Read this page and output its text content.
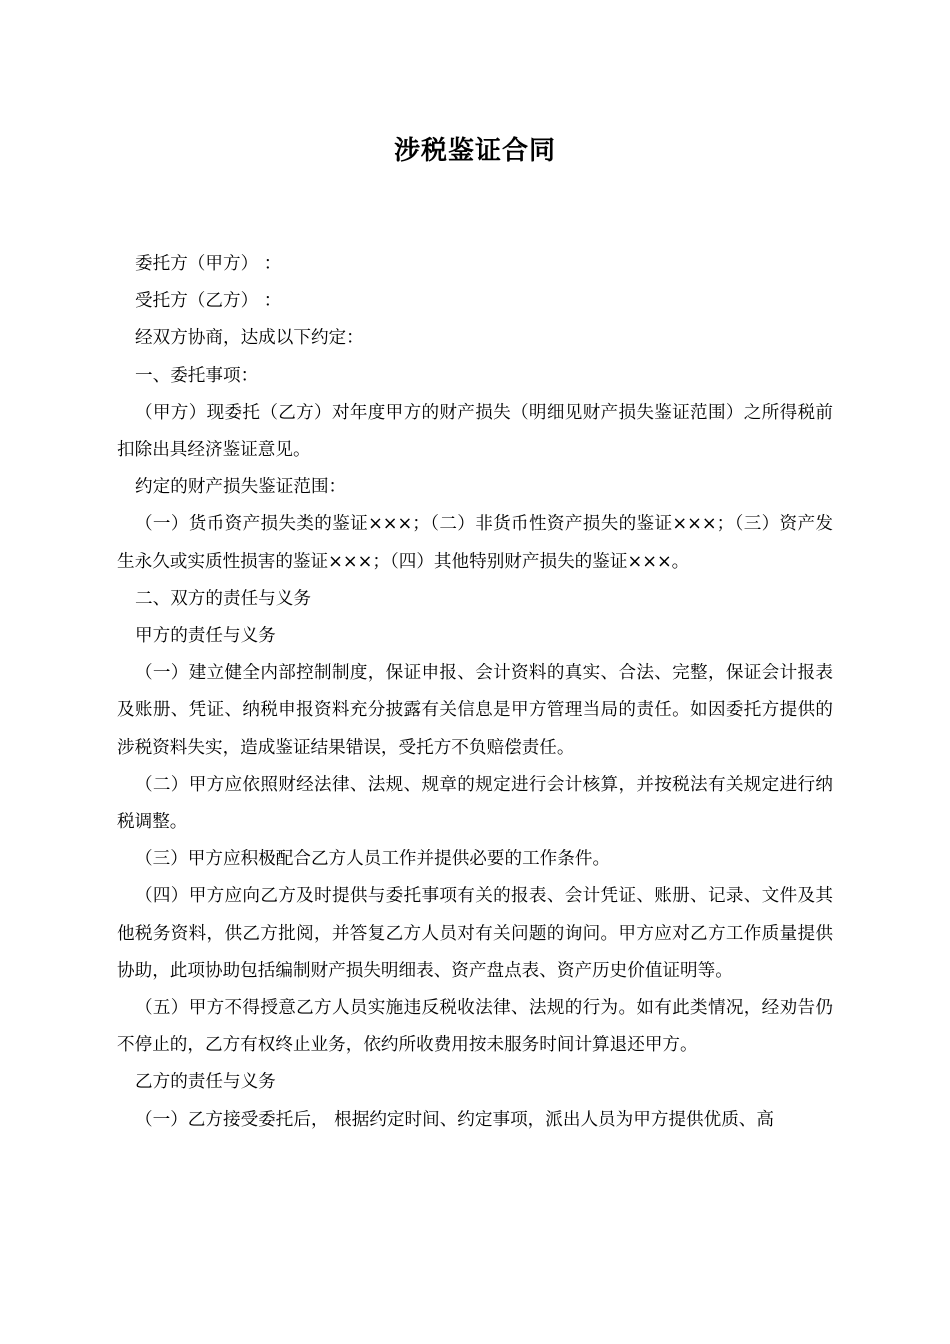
涉税鉴证合同

委托方（甲方） ：

受托方（乙方） ：

经双方协商，达成以下约定：

一、委托事项：

（甲方）现委托（乙方）对年度甲方的财产损失（明细见财产损失鉴证范围）之所得税前扣除出具经济鉴证意见。

约定的财产损失鉴证范围：

（一）货币资产损失类的鉴证×××；（二）非货币性资产损失的鉴证×××；（三）资产发生永久或实质性损害的鉴证×××；（四）其他特别财产损失的鉴证×××。

二、双方的责任与义务

甲方的责任与义务

（一）建立健全内部控制制度，保证申报、会计资料的真实、合法、完整，保证会计报表及账册、凭证、纳税申报资料充分披露有关信息是甲方管理当局的责任。如因委托方提供的涉税资料失实，造成鉴证结果错误，受托方不负赔偿责任。

（二）甲方应依照财经法律、法规、规章的规定进行会计核算，并按税法有关规定进行纳税调整。

（三）甲方应积极配合乙方人员工作并提供必要的工作条件。

（四）甲方应向乙方及时提供与委托事项有关的报表、会计凭证、账册、记录、文件及其他税务资料，供乙方批阅，并答复乙方人员对有关问题的询问。甲方应对乙方工作质量提供协助，此项协助包括编制财产损失明细表、资产盘点表、资产历史价值证明等。

（五）甲方不得授意乙方人员实施违反税收法律、法规的行为。如有此类情况，经劝告仍不停止的，乙方有权终止业务，依约所收费用按未服务时间计算退还甲方。

乙方的责任与义务

（一）乙方接受委托后， 根据约定时间、约定事项，派出人员为甲方提供优质、高
